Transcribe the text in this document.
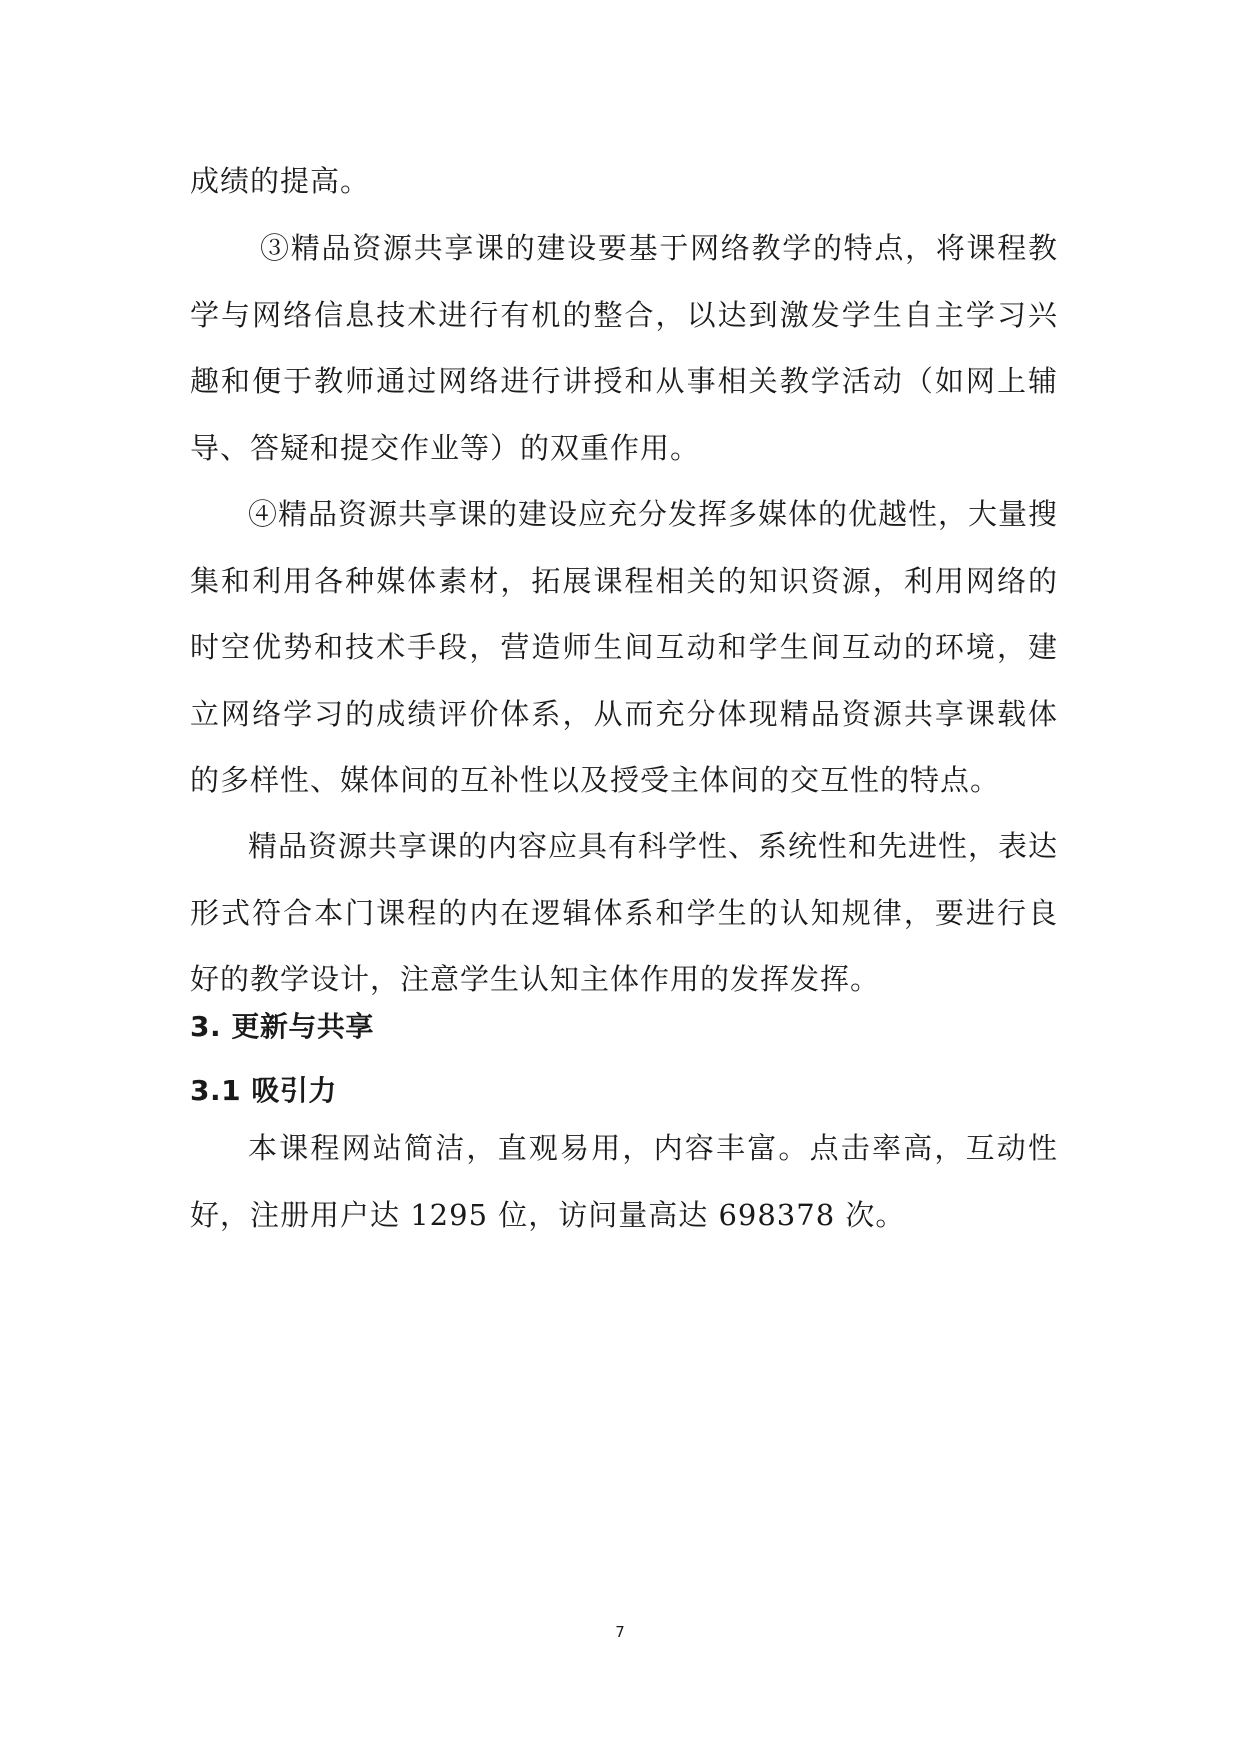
成绩的提高。
③精品资源共享课的建设要基于网络教学的特点，将课程教学与网络信息技术进行有机的整合，以达到激发学生自主学习兴趣和便于教师通过网络进行讲授和从事相关教学活动（如网上辅导、答疑和提交作业等）的双重作用。
④精品资源共享课的建设应充分发挥多媒体的优越性，大量搜集和利用各种媒体素材，拓展课程相关的知识资源，利用网络的时空优势和技术手段，营造师生间互动和学生间互动的环境，建立网络学习的成绩评价体系，从而充分体现精品资源共享课载体的多样性、媒体间的互补性以及授受主体间的交互性的特点。
精品资源共享课的内容应具有科学性、系统性和先进性，表达形式符合本门课程的内在逻辑体系和学生的认知规律，要进行良好的教学设计，注意学生认知主体作用的发挥发挥。
3. 更新与共享
3.1 吸引力
本课程网站简洁，直观易用，内容丰富。点击率高，互动性好，注册用户达 1295 位，访问量高达 698378 次。
7
